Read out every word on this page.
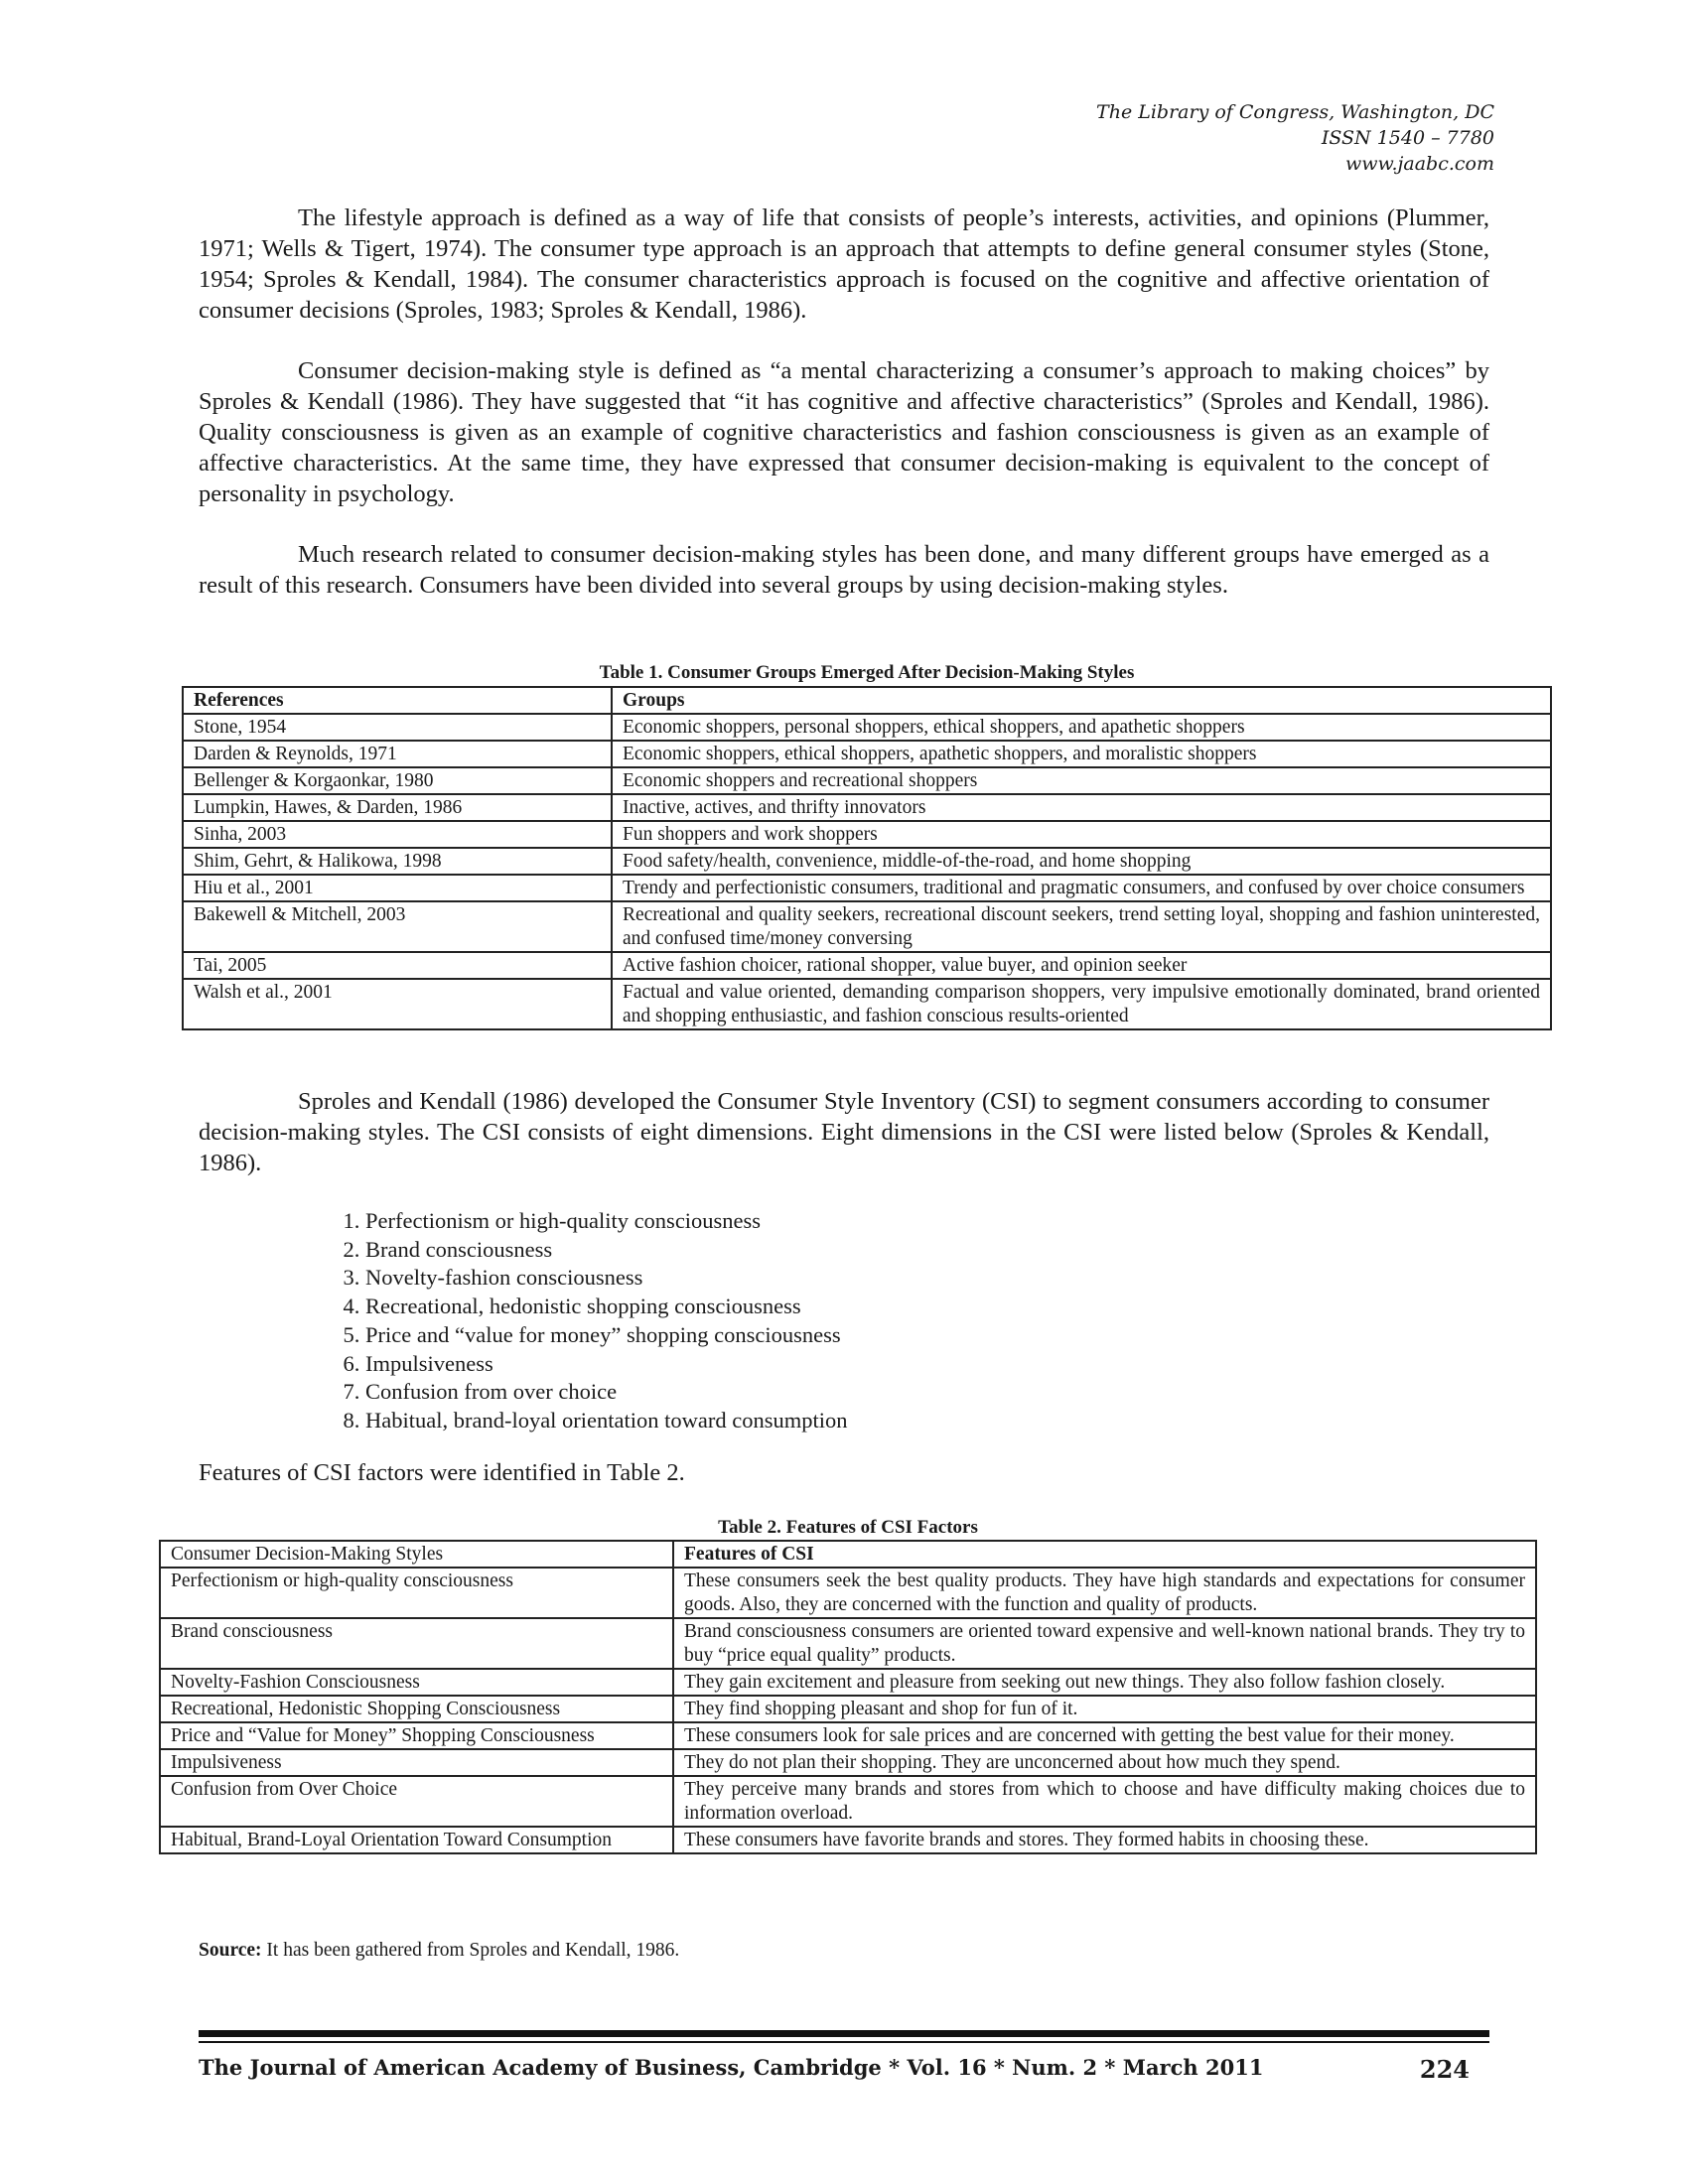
The Library of Congress, Washington, DC
ISSN 1540 – 7780
www.jaabc.com

The lifestyle approach is defined as a way of life that consists of people’s interests, activities, and opinions (Plummer, 1971; Wells & Tigert, 1974). The consumer type approach is an approach that attempts to define general consumer styles (Stone, 1954; Sproles & Kendall, 1984). The consumer characteristics approach is focused on the cognitive and affective orientation of consumer decisions (Sproles, 1983; Sproles & Kendall, 1986).

Consumer decision-making style is defined as “a mental characterizing a consumer’s approach to making choices” by Sproles & Kendall (1986). They have suggested that “it has cognitive and affective characteristics” (Sproles and Kendall, 1986). Quality consciousness is given as an example of cognitive characteristics and fashion consciousness is given as an example of affective characteristics. At the same time, they have expressed that consumer decision-making is equivalent to the concept of personality in psychology.

Much research related to consumer decision-making styles has been done, and many different groups have emerged as a result of this research. Consumers have been divided into several groups by using decision-making styles.

Table 1. Consumer Groups Emerged After Decision-Making Styles
References	Groups
Stone, 1954	Economic shoppers, personal shoppers, ethical shoppers, and apathetic shoppers
Darden & Reynolds, 1971	Economic shoppers, ethical shoppers, apathetic shoppers, and moralistic shoppers
Bellenger & Korgaonkar, 1980	Economic shoppers and recreational shoppers
Lumpkin, Hawes, & Darden, 1986	Inactive, actives, and thrifty innovators
Sinha, 2003	Fun shoppers and work shoppers
Shim, Gehrt, & Halikowa, 1998	Food safety/health, convenience, middle-of-the-road, and home shopping
Hiu et al., 2001	Trendy and perfectionistic consumers, traditional and pragmatic consumers, and confused by over choice consumers
Bakewell & Mitchell, 2003	Recreational and quality seekers, recreational discount seekers, trend setting loyal, shopping and fashion uninterested, and confused time/money conversing
Tai, 2005	Active fashion choicer, rational shopper, value buyer, and opinion seeker
Walsh et al., 2001	Factual and value oriented, demanding comparison shoppers, very impulsive emotionally dominated, brand oriented and shopping enthusiastic, and fashion conscious results-oriented

Sproles and Kendall (1986) developed the Consumer Style Inventory (CSI) to segment consumers according to consumer decision-making styles. The CSI consists of eight dimensions. Eight dimensions in the CSI were listed below (Sproles & Kendall, 1986).

1. Perfectionism or high-quality consciousness
2. Brand consciousness
3. Novelty-fashion consciousness
4. Recreational, hedonistic shopping consciousness
5. Price and “value for money” shopping consciousness
6. Impulsiveness
7. Confusion from over choice
8. Habitual, brand-loyal orientation toward consumption

Features of CSI factors were identified in Table 2.

Table 2. Features of CSI Factors
Consumer Decision-Making Styles	Features of CSI
Perfectionism or high-quality consciousness	These consumers seek the best quality products. They have high standards and expectations for consumer goods. Also, they are concerned with the function and quality of products.
Brand consciousness	Brand consciousness consumers are oriented toward expensive and well-known national brands. They try to buy “price equal quality” products.
Novelty-Fashion Consciousness	They gain excitement and pleasure from seeking out new things. They also follow fashion closely.
Recreational, Hedonistic Shopping Consciousness	They find shopping pleasant and shop for fun of it.
Price and “Value for Money” Shopping Consciousness	These consumers look for sale prices and are concerned with getting the best value for their money.
Impulsiveness	They do not plan their shopping. They are unconcerned about how much they spend.
Confusion from Over Choice	They perceive many brands and stores from which to choose and have difficulty making choices due to information overload.
Habitual, Brand-Loyal Orientation Toward Consumption	These consumers have favorite brands and stores. They formed habits in choosing these.
Source: It has been gathered from Sproles and Kendall, 1986.
The Journal of American Academy of Business, Cambridge * Vol. 16 * Num. 2 * March 2011	224
